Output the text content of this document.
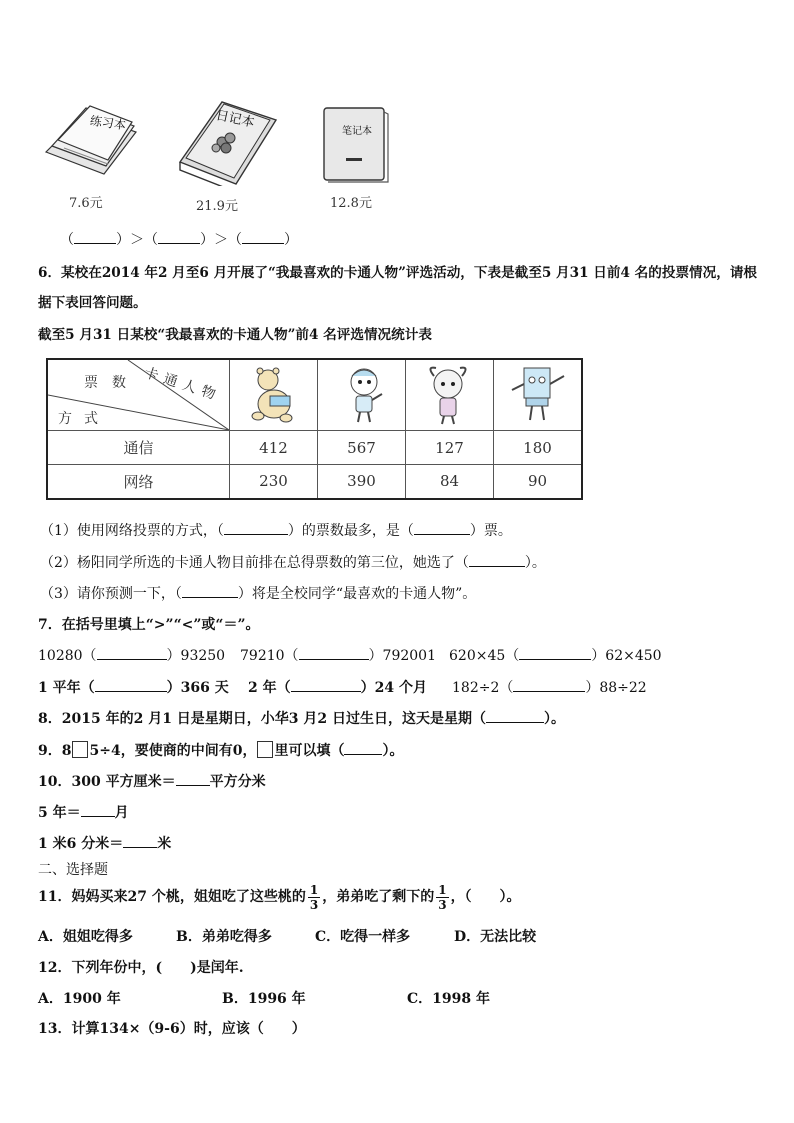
练习本
7.6元
日记本
21.9元
笔记本
12.8元
（	）＞（	）＞（	）
6．某校在2014 年2 月至6 月开展了“我最喜欢的卡通人物”评选活动，下表是截至5 月31 日前4 名的投票情况，请根
据下表回答问题。
截至5 月31 日某校“我最喜欢的卡通人物”前4 名评选情况统计表
卡通人物
票数
方式

通信	412	567	127	180
网络	230	390	84	90
（1）使用网络投票的方式，（	）的票数最多，是（	）票。
（2）杨阳同学所选的卡通人物目前排在总得票数的第三位，她选了（	）。
（3）请你预测一下，（	）将是全校同学“最喜欢的卡通人物”。
7．在括号里填上“>”“<”或“＝”。
10280（	）93250 79210（	）792001 620×45（	）62×450
1 平年（	）366 天 2 年（	）24 个月 182÷2（	）88÷22
8．2015 年的2 月1 日是星期日，小华3 月2 日过生日，这天是星期（	）。
9．8 5÷4，要使商的中间有0， 里可以填（	）。
10．300 平方厘米＝ 平方分米
5 年＝ 月
1 米6 分米＝ 米
二、选择题
11．妈妈买来27 个桃，姐姐吃了这些桃的 $\frac{1}{3}$ ，弟弟吃了剩下的 $\frac{1}{3}$ ，（　　）。
A．姐姐吃得多	B．弟弟吃得多	C．吃得一样多	D．无法比较
12．下列年份中，(　　)是闰年.
A．1900 年	B．1996 年	C．1998 年
13．计算134×（9-6）时，应该（　　）
